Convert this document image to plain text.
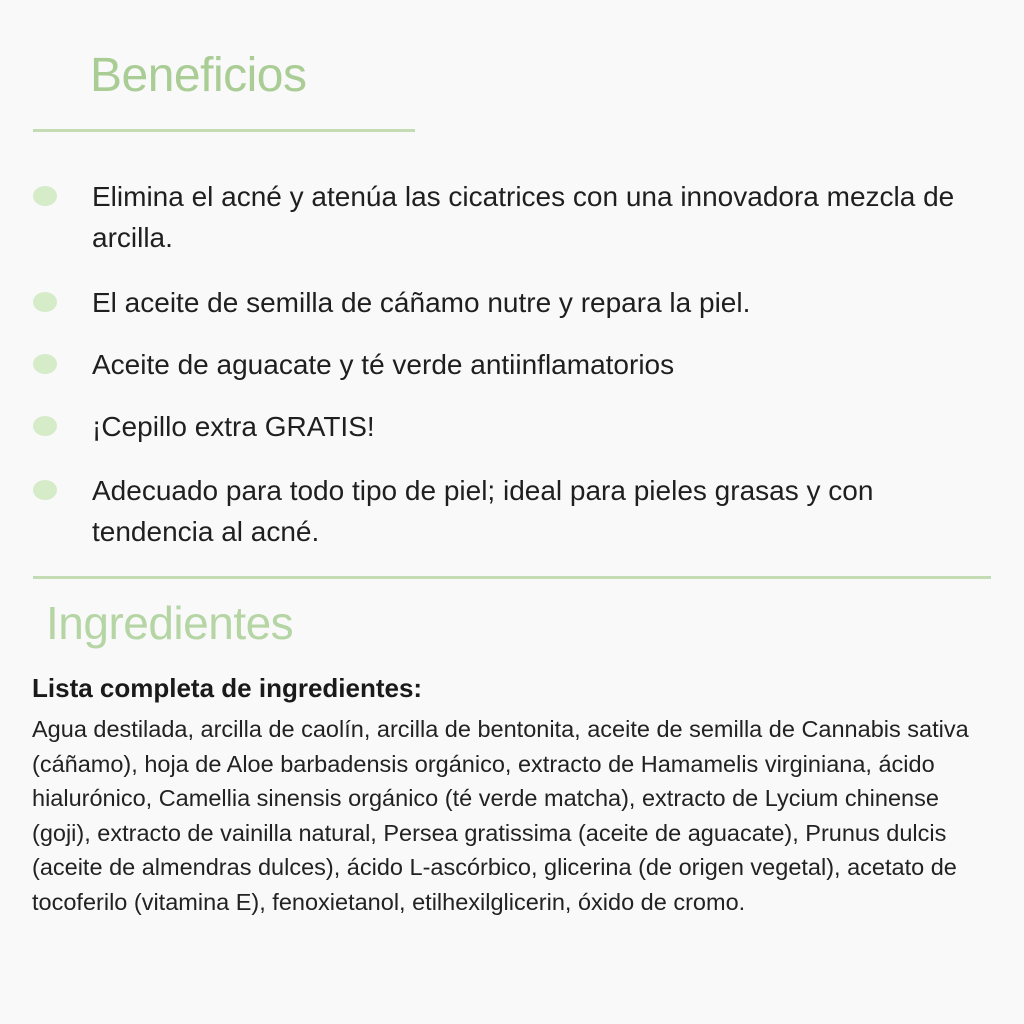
Beneficios
Elimina el acné y atenúa las cicatrices con una innovadora mezcla de arcilla.
El aceite de semilla de cáñamo nutre y repara la piel.
Aceite de aguacate y té verde antiinflamatorios
¡Cepillo extra GRATIS!
Adecuado para todo tipo de piel; ideal para pieles grasas y con tendencia al acné.
Ingredientes
Lista completa de ingredientes:

Agua destilada, arcilla de caolín, arcilla de bentonita, aceite de semilla de Cannabis sativa (cáñamo), hoja de Aloe barbadensis orgánico, extracto de Hamamelis virginiana, ácido hialurónico, Camellia sinensis orgánico (té verde matcha), extracto de Lycium chinense (goji), extracto de vainilla natural, Persea gratissima (aceite de aguacate), Prunus dulcis (aceite de almendras dulces), ácido L-ascórbico, glicerina (de origen vegetal), acetato de tocoferilo (vitamina E), fenoxietanol, etilhexilglicerin, óxido de cromo.
